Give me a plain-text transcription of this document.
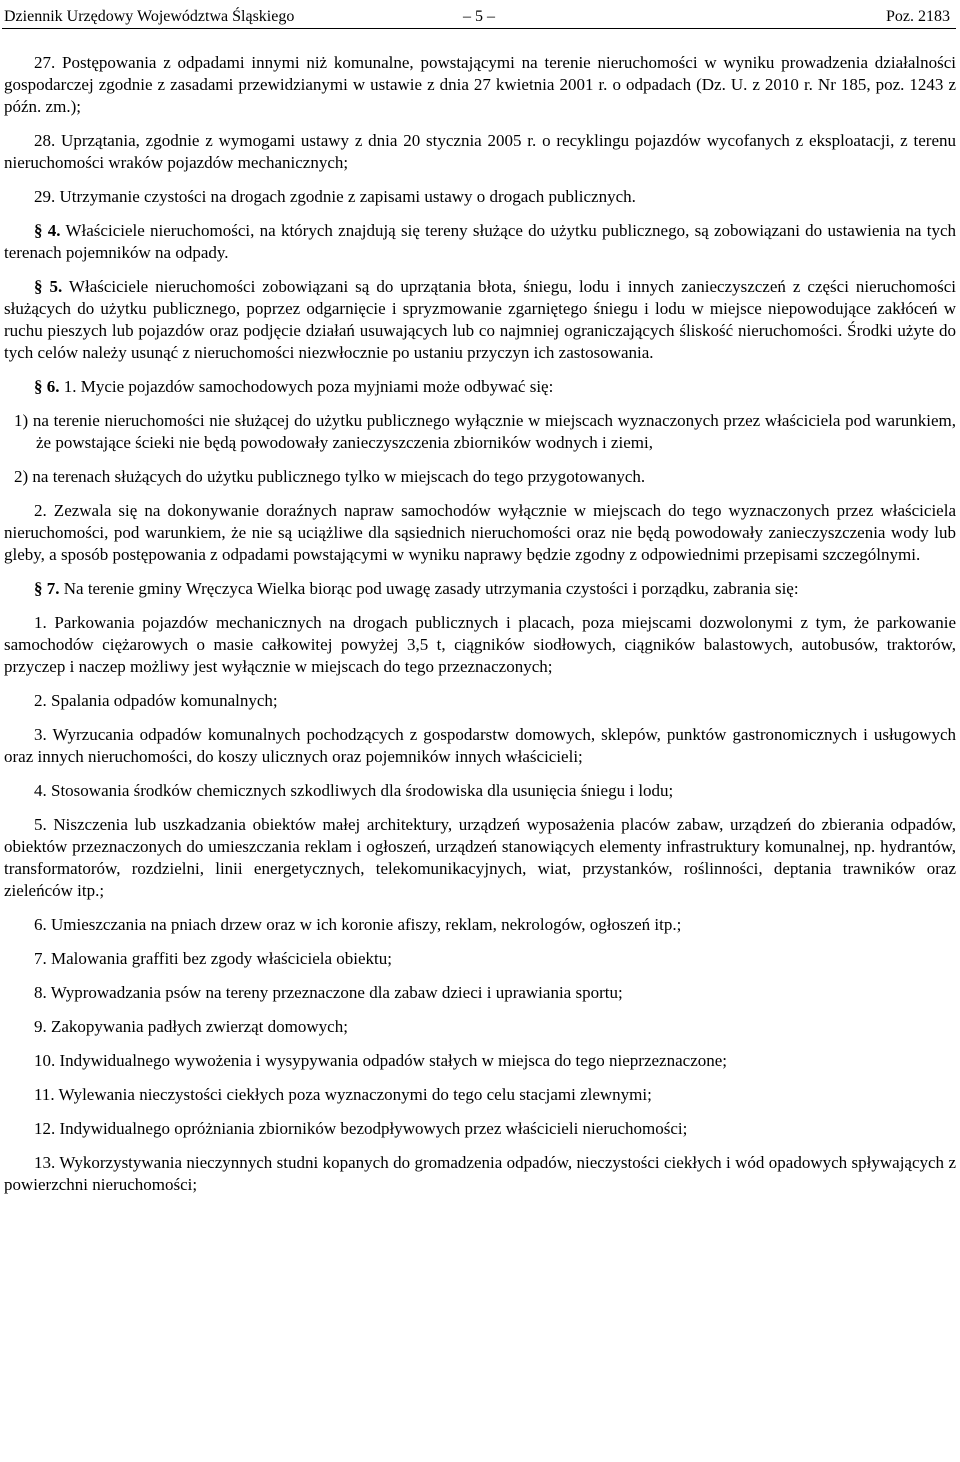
Dziennik Urzędowy Województwa Śląskiego	– 5 –	Poz. 2183

27. Postępowania z odpadami innymi niż komunalne, powstającymi na terenie nieruchomości w wyniku prowadzenia działalności gospodarczej zgodnie z zasadami przewidzianymi w ustawie z dnia 27 kwietnia 2001 r. o odpadach (Dz. U. z 2010 r. Nr 185, poz. 1243 z późn. zm.);

28. Uprzątania, zgodnie z wymogami ustawy z dnia 20 stycznia 2005 r. o recyklingu pojazdów wycofanych z eksploatacji, z terenu nieruchomości wraków pojazdów mechanicznych;

29. Utrzymanie czystości na drogach zgodnie z zapisami ustawy o drogach publicznych.

§ 4. Właściciele nieruchomości, na których znajdują się tereny służące do użytku publicznego, są zobowiązani do ustawienia na tych terenach pojemników na odpady.

§ 5. Właściciele nieruchomości zobowiązani są do uprzątania błota, śniegu, lodu i innych zanieczyszczeń z części nieruchomości służących do użytku publicznego, poprzez odgarnięcie i spryzmowanie zgarniętego śniegu i lodu w miejsce niepowodujące zakłóceń w ruchu pieszych lub pojazdów oraz podjęcie działań usuwających lub co najmniej ograniczających śliskość nieruchomości. Środki użyte do tych celów należy usunąć z nieruchomości niezwłocznie po ustaniu przyczyn ich zastosowania.

§ 6. 1. Mycie pojazdów samochodowych poza myjniami może odbywać się:

1) na terenie nieruchomości nie służącej do użytku publicznego wyłącznie w miejscach wyznaczonych przez właściciela pod warunkiem, że powstające ścieki nie będą powodowały zanieczyszczenia zbiorników wodnych i ziemi,

2) na terenach służących do użytku publicznego tylko w miejscach do tego przygotowanych.

2. Zezwala się na dokonywanie doraźnych napraw samochodów wyłącznie w miejscach do tego wyznaczonych przez właściciela nieruchomości, pod warunkiem, że nie są uciążliwe dla sąsiednich nieruchomości oraz nie będą powodowały zanieczyszczenia wody lub gleby, a sposób postępowania z odpadami powstającymi w wyniku naprawy będzie zgodny z odpowiednimi przepisami szczególnymi.

§ 7. Na terenie gminy Wręczyca Wielka biorąc pod uwagę zasady utrzymania czystości i porządku, zabrania się:

1. Parkowania pojazdów mechanicznych na drogach publicznych i placach, poza miejscami dozwolonymi z tym, że parkowanie samochodów ciężarowych o masie całkowitej powyżej 3,5 t, ciągników siodłowych, ciągników balastowych, autobusów, traktorów, przyczep i naczep możliwy jest wyłącznie w miejscach do tego przeznaczonych;

2. Spalania odpadów komunalnych;

3. Wyrzucania odpadów komunalnych pochodzących z gospodarstw domowych, sklepów, punktów gastronomicznych i usługowych oraz innych nieruchomości, do koszy ulicznych oraz pojemników innych właścicieli;

4. Stosowania środków chemicznych szkodliwych dla środowiska dla usunięcia śniegu i lodu;

5. Niszczenia lub uszkadzania obiektów małej architektury, urządzeń wyposażenia placów zabaw, urządzeń do zbierania odpadów, obiektów przeznaczonych do umieszczania reklam i ogłoszeń, urządzeń stanowiących elementy infrastruktury komunalnej, np. hydrantów, transformatorów, rozdzielni, linii energetycznych, telekomunikacyjnych, wiat, przystanków, roślinności, deptania trawników oraz zieleńców itp.;

6. Umieszczania na pniach drzew oraz w ich koronie afiszy, reklam, nekrologów, ogłoszeń itp.;

7. Malowania graffiti bez zgody właściciela obiektu;

8. Wyprowadzania psów na tereny przeznaczone dla zabaw dzieci i uprawiania sportu;

9. Zakopywania padłych zwierząt domowych;

10. Indywidualnego wywożenia i wysypywania odpadów stałych w miejsca do tego nieprzeznaczone;

11. Wylewania nieczystości ciekłych poza wyznaczonymi do tego celu stacjami zlewnymi;

12. Indywidualnego opróżniania zbiorników bezodpływowych przez właścicieli nieruchomości;

13. Wykorzystywania nieczynnych studni kopanych do gromadzenia odpadów, nieczystości ciekłych i wód opadowych spływających z powierzchni nieruchomości;
